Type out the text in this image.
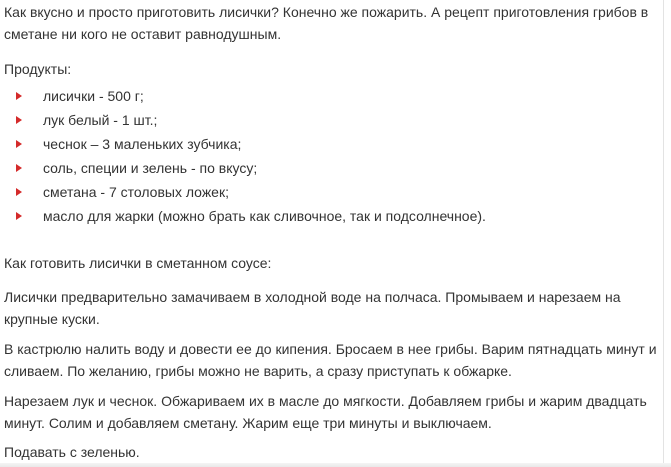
Как вкусно и просто приготовить лисички? Конечно же пожарить. А рецепт приготовления грибов в
сметане ни кого не оставит равнодушным.

Продукты:

лисички - 500 г;
лук белый - 1 шт.;
чеснок – 3 маленьких зубчика;
соль, специи и зелень - по вкусу;
сметана - 7 столовых ложек;
масло для жарки (можно брать как сливочное, так и подсолнечное).

Как готовить лисички в сметанном соусе:

Лисички предварительно замачиваем в холодной воде на полчаса. Промываем и нарезаем на
крупные куски.

В кастрюлю налить воду и довести ее до кипения. Бросаем в нее грибы. Варим пятнадцать минут и
сливаем. По желанию, грибы можно не варить, а сразу приступать к обжарке.

Нарезаем лук и чеснок. Обжариваем их в масле до мягкости. Добавляем грибы и жарим двадцать
минут. Солим и добавляем сметану. Жарим еще три минуты и выключаем.

Подавать с зеленью.
